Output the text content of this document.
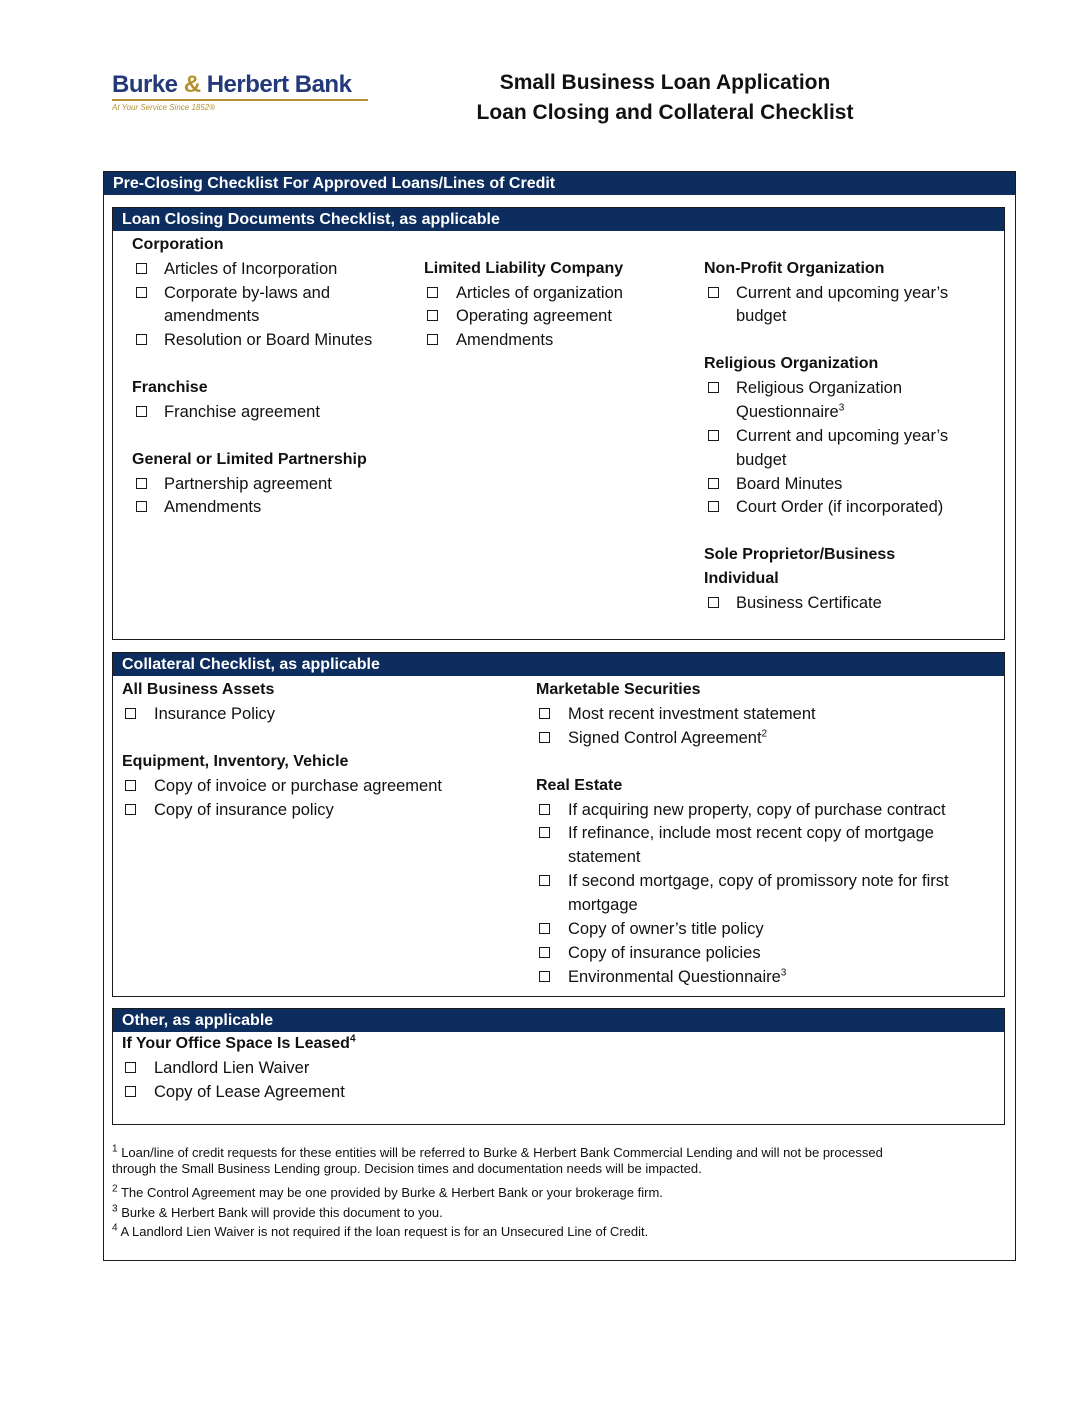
Burke & Herbert Bank
At Your Service Since 1852®
Small Business Loan Application
Loan Closing and Collateral Checklist
Pre-Closing Checklist For Approved Loans/Lines of Credit
Loan Closing Documents Checklist, as applicable
Corporation
Articles of Incorporation
Corporate by-laws and
amendments
Resolution or Board Minutes
Franchise
Franchise agreement
General or Limited Partnership
Partnership agreement
Amendments
Limited Liability Company
Articles of organization
Operating agreement
Amendments
Non-Profit Organization
Current and upcoming year’s
budget
Religious Organization
Religious Organization
Questionnaire$^3$
Current and upcoming year’s
budget
Board Minutes
Court Order (if incorporated)
Sole Proprietor/Business
Individual
Business Certificate
Collateral Checklist, as applicable
All Business Assets
Insurance Policy
Equipment, Inventory, Vehicle
Copy of invoice or purchase agreement
Copy of insurance policy
Marketable Securities
Most recent investment statement
Signed Control Agreement$^2$
Real Estate
If acquiring new property, copy of purchase contract
If refinance, include most recent copy of mortgage
statement
If second mortgage, copy of promissory note for first
mortgage
Copy of owner’s title policy
Copy of insurance policies
Environmental Questionnaire$^3$
Other, as applicable
If Your Office Space Is Leased$^4$
Landlord Lien Waiver
Copy of Lease Agreement
$^1$ Loan/line of credit requests for these entities will be referred to Burke & Herbert Bank Commercial Lending and will not be processed
through the Small Business Lending group. Decision times and documentation needs will be impacted.
$^2$ The Control Agreement may be one provided by Burke & Herbert Bank or your brokerage firm.
$^3$ Burke & Herbert Bank will provide this document to you.
$^4$ A Landlord Lien Waiver is not required if the loan request is for an Unsecured Line of Credit.
